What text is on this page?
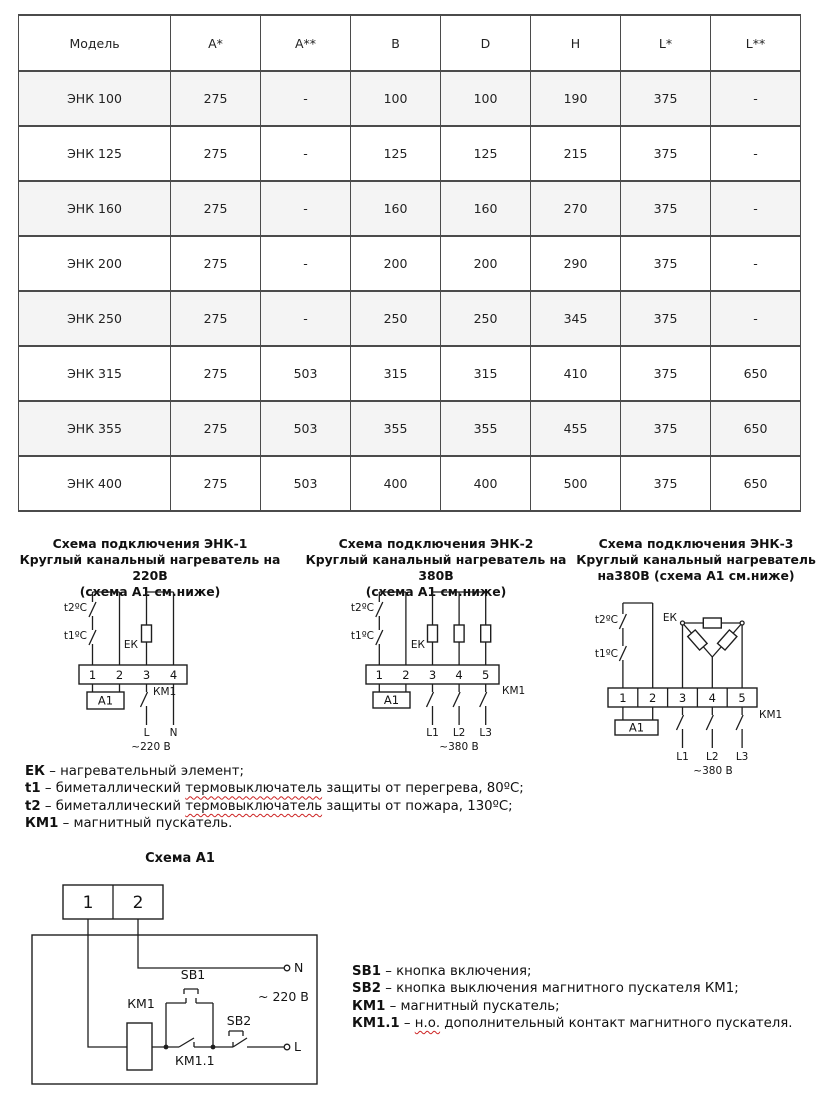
Модель	A*	A**	B	D	H	L*	L**
ЭНК 100	275	-	100	100	190	375	-
ЭНК 125	275	-	125	125	215	375	-
ЭНК 160	275	-	160	160	270	375	-
ЭНК 200	275	-	200	200	290	375	-
ЭНК 250	275	-	250	250	345	375	-
ЭНК 315	275	503	315	315	410	375	650
ЭНК 355	275	503	355	355	455	375	650
ЭНК 400	275	503	400	400	500	375	650
Схема подключения ЭНК-1
Круглый канальный нагреватель на 220В
(схема А1 см.ниже)
Схема подключения ЭНК-2
Круглый канальный нагреватель на 380В
(схема А1 см.ниже)
Схема подключения ЭНК-3
Круглый канальный нагреватель
на380В (схема А1 см.ниже)
t2ºC
t1ºC
ЕК
1 2 3 4
А1
КМ1
L N
~220 В
t2ºC
t1ºC
ЕК
1 2 3 4 5
А1
КМ1
L1 L2 L3
~380 В
t2ºC
t1ºC
ЕК
1 2 3 4 5
А1
КМ1
L1 L2 L3
~380 В
ЕК – нагревательный элемент;
t1 – биметаллический термовыключатель защиты от перегрева, 80ºС;
t2 – биметаллический термовыключатель защиты от пожара, 130ºС;
КМ1 – магнитный пускатель.
Схема А1
1 2
N
L
~ 220 В
КМ1
SB1
SB2
КМ1.1
SB1 – кнопка включения;
SB2 – кнопка выключения магнитного пускателя КМ1;
КМ1 – магнитный пускатель;
КМ1.1 – н.о. дополнительный контакт магнитного пускателя.
